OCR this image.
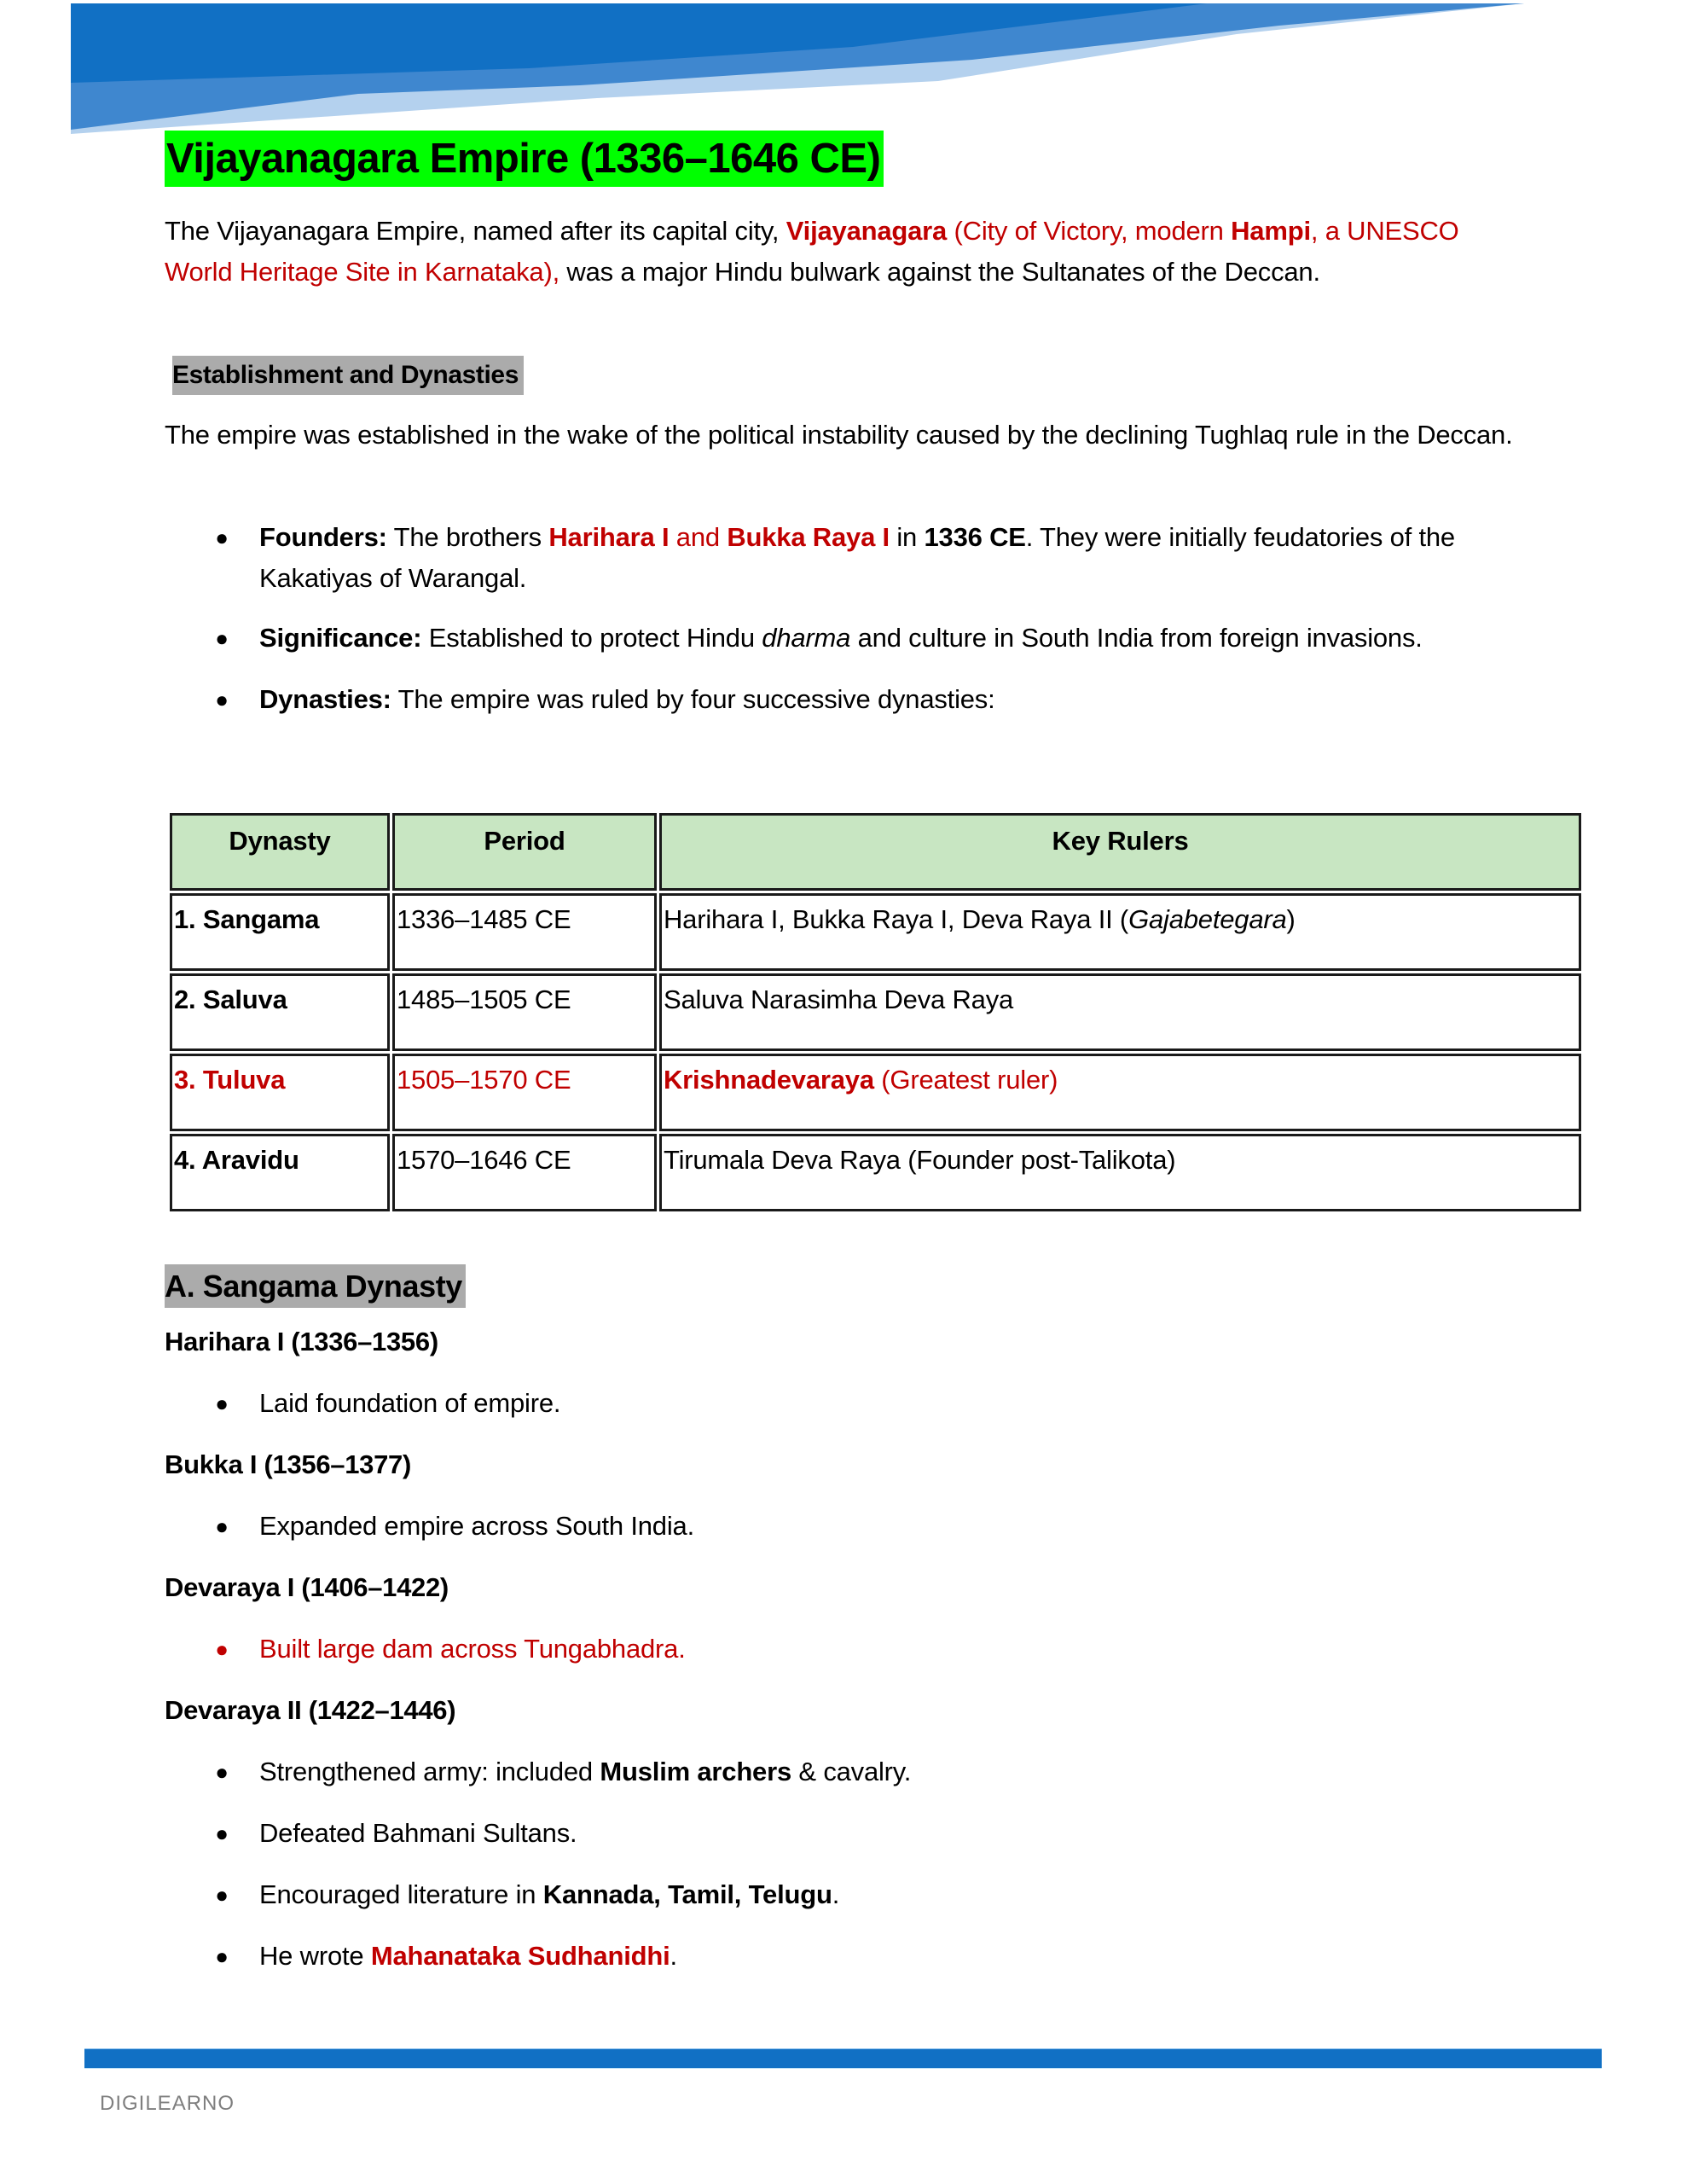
Vijayanagara Empire (1336–1646 CE)
The Vijayanagara Empire, named after its capital city, Vijayanagara (City of Victory, modern Hampi, a UNESCO World Heritage Site in Karnataka), was a major Hindu bulwark against the Sultanates of the Deccan.
Establishment and Dynasties
The empire was established in the wake of the political instability caused by the declining Tughlaq rule in the Deccan.
● Founders: The brothers Harihara I and Bukka Raya I in 1336 CE. They were initially feudatories of the Kakatiyas of Warangal.
● Significance: Established to protect Hindu dharma and culture in South India from foreign invasions.
● Dynasties: The empire was ruled by four successive dynasties:
Dynasty	Period	Key Rulers
1. Sangama	1336–1485 CE	Harihara I, Bukka Raya I, Deva Raya II (Gajabetegara)
2. Saluva	1485–1505 CE	Saluva Narasimha Deva Raya
3. Tuluva	1505–1570 CE	Krishnadevaraya (Greatest ruler)
4. Aravidu	1570–1646 CE	Tirumala Deva Raya (Founder post-Talikota)
A. Sangama Dynasty
Harihara I (1336–1356)
● Laid foundation of empire.
Bukka I (1356–1377)
● Expanded empire across South India.
Devaraya I (1406–1422)
● Built large dam across Tungabhadra.
Devaraya II (1422–1446)
● Strengthened army: included Muslim archers & cavalry.
● Defeated Bahmani Sultans.
● Encouraged literature in Kannada, Tamil, Telugu.
● He wrote Mahanataka Sudhanidhi.
DIGILEARNO
